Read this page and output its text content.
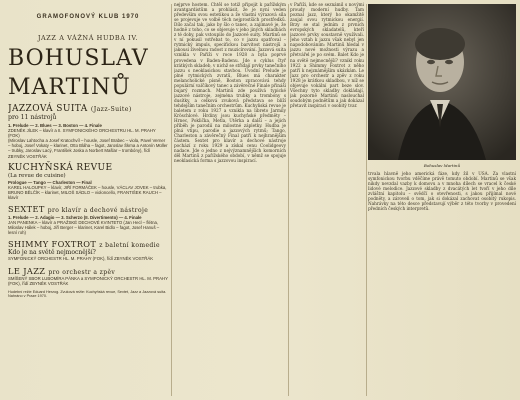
GRAMOFONOVÝ KLUB 1970
JAZZ A VÁŽNÁ HUDBA IV.
BOHUSLAV
MARTINŮ
JAZZOVÁ SUITA (Jazz-Suite)
pro 11 nástrojů
1. Prelude — 2. Blues — 3. Boston — 4. Finale
ZDENĚK JÍLEK – klavír a II. SYMFONICKÉHO ORCHESTRU HL. M. PRAHY (FOK)
(Miroslav Lahtocha a Josef Kratochvíl – housle, Josef Brabec – viola, Pavel Verner – hoboj, Josef Vokaty – klarinet, Otto Bláha – fagot, Jaroslav Škrna a Antonín Müller – trubky, Jaroslav Lacý, František Joska a Norbert Mašlar – trombóny), řídí ZBYNĚK VOSTŘÁK
KUCHYŇSKÁ REVUE
(La revue de cuisine)
Prologue — Tango — Charleston — Final
KAREL HALOUPKY – klavír, JIŘÍ FORMÁČEK – housle, VÁCLAV JOVEK – trubka, BRUNO BĚLČÍK – klarinet, MILOŠ SÁDLO – violoncello, FRANTIŠEK RAUCH – klavír
SEXTET pro klavír a dechové nástroje
1. Prelude — 2. Adagio — 3. Scherzo (II. Divertimento) — 4. Finale
JAN PANENKA – klavír a PRAŽSKÉ DECHOVÉ KVINTETO (Jan Hecl – flétna, Miloslav Hálek – hoboj, Jiří Berger – klarinet, Karel Bidlo – fagot, Josef Hanuš – lesní roh)
SHIMMY FOXTROT z baletní komedie
Kdo je na světě nejmocnější?
SYMFONICKÝ ORCHESTR HL. M. PRAHY (FOK), řídí ZBYNĚK VOSTŘÁK
LE JAZZ pro orchestr a zpěv
SMÍŠENÝ SBOR LUBOMÍRA PÁNKA a SYMFONICKÝ ORCHESTR HL. M. PRAHY (FOK), řídí ZBYNĚK VOSTŘÁK
Hudební režie Eduard Herzog. Zvuková režie: Kuchyňská revue, Sextet, Jazz a Jazzová suita. Nahráno v Praze 1970.
nejprve hostem. Chtěl se totiž připojit k pařížským avantgardistům a prohlásit, že je nyní veden především svou estetikou a že vlastní výrazová síla se projevuje ve volbě těch nejprostších prostředků. Dílo začal tak, jako by šlo o tanec, a zajímavé je, že hodně z toho, co se objevuje v jeho jiných skladbách z té doby, pak vstoupilo do Jazzové suity. Martinů se v ní pokusil vstřebat to, co v jazzu spatřoval – rytmický impuls, specifickou barvitost nástrojů a jakousi živelnou radost z muzicírování. Jazzová suita vznikla v Paříži v roce 1928 a byla poprvé provedena v Baden-Badenu. Jde o cyklus čtyř krátkých skladeb, v nichž se střídají prvky tanečního jazzu s neoklasickou stavbou. Úvodní Prelude je plné rytmických zvratů, Blues má charakter melancholické písně, Boston zpracovává tehdy populární valčíkový tanec a závěrečné Finale přináší bujarý rozmach. Martinů zde používá typické jazzové nástroje, zejména trubky a trombóny s dusítky, a celková zvuková představa se blíží tehdejším tanečním orchestrům. Kuchyňská revue je baletem z roku 1927 a vznikla na libreto Jarmily Kröschlové. Hrdiny jsou kuchyňské předměty – Hrnec, Poklička, Metla, Utěrka a další – a jejich příběh je parodií na milostné zápletky. Hudba je plná vtipu, parodie a jazzových rytmů; Tango, Charleston a závěrečný Final patří k nejhranějším částem. Sextet pro klavír a dechové nástroje pochází z roku 1929 a získal cenu Coolidgeovy nadace. Jde o jedno z nejvýznamnějších komorních děl Martinů z pařížského období, v němž se spojuje neoklasická forma s jazzovou inspirací.
v Paříži, kde se seznámil s novými proudy moderní hudby. Tam poznal jazz, který ho okamžitě zaujal svou rytmickou energií. Brzy se stal jedním z prvních evropských skladatelů, kteří jazzové prvky soustavně využívali. Jeho vztah k jazzu však nebyl jen napodobováním: Martinů hledal v jazzu nové možnosti výrazu a přetvářel je po svém. Balet Kdo je na světě nejmocnější? vznikl roku 1922 a Shimmy Foxtrot z něho patří k nejznámějším ukázkám. Le Jazz pro orchestr a zpěv z roku 1928 je krátkou skladbou, v níž se objevuje vokální part beze slov. Všechny tyto skladby dokládají, jak pozorně Martinů naslouchal soudobým podnětům a jak dokázal přetavit inspiraci v osobitý tvar.
Bohuslav Martinů
trvala hlavně jeho americká fáze, kdy žil v USA. Za vlastní symfonickou tvorbu vděčíme právě tomuto období. Martinů se však nikdy nevzdal vazby k domovu a v mnoha dílech se vracel k české lidové melodice. Jazzové skladby z dvacátých let tvoří v jeho díle zvláštní kapitolu – svědčí o otevřenosti, s jakou přijímal nové podněty, a zároveň o tom, jak si dokázal zachovat osobitý rukopis. Nahrávky na této desce představují výběr z této tvorby v provedení předních českých interpretů.
